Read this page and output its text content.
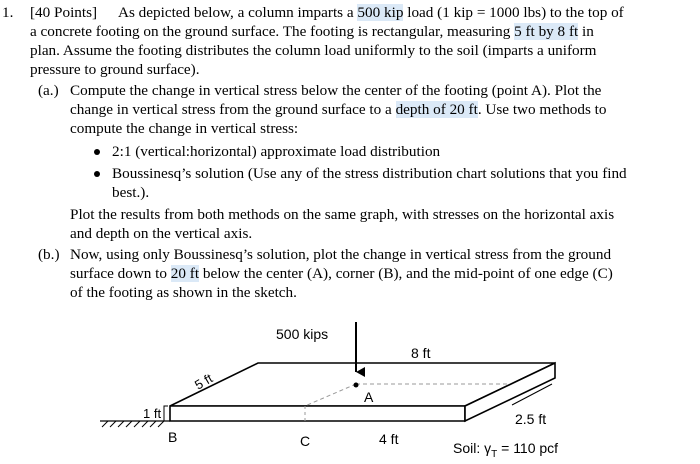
1. [40 Points] As depicted below, a column imparts a 500 kip load (1 kip = 1000 lbs) to the top of
a concrete footing on the ground surface. The footing is rectangular, measuring 5 ft by 8 ft in
plan. Assume the footing distributes the column load uniformly to the soil (imparts a uniform
pressure to ground surface).
(a.) Compute the change in vertical stress below the center of the footing (point A). Plot the
change in vertical stress from the ground surface to a depth of 20 ft. Use two methods to
compute the change in vertical stress:
2:1 (vertical:horizontal) approximate load distribution
Boussinesq’s solution (Use any of the stress distribution chart solutions that you find
best.).
Plot the results from both methods on the same graph, with stresses on the horizontal axis
and depth on the vertical axis.
(b.) Now, using only Boussinesq’s solution, plot the change in vertical stress from the ground
surface down to 20 ft below the center (A), corner (B), and the mid-point of one edge (C)
of the footing as shown in the sketch.
500 kips
A
8 ft
5 ft
1 ft
B	C	4 ft
2.5 ft
Soil: $\gamma_T = 110$ pcf
